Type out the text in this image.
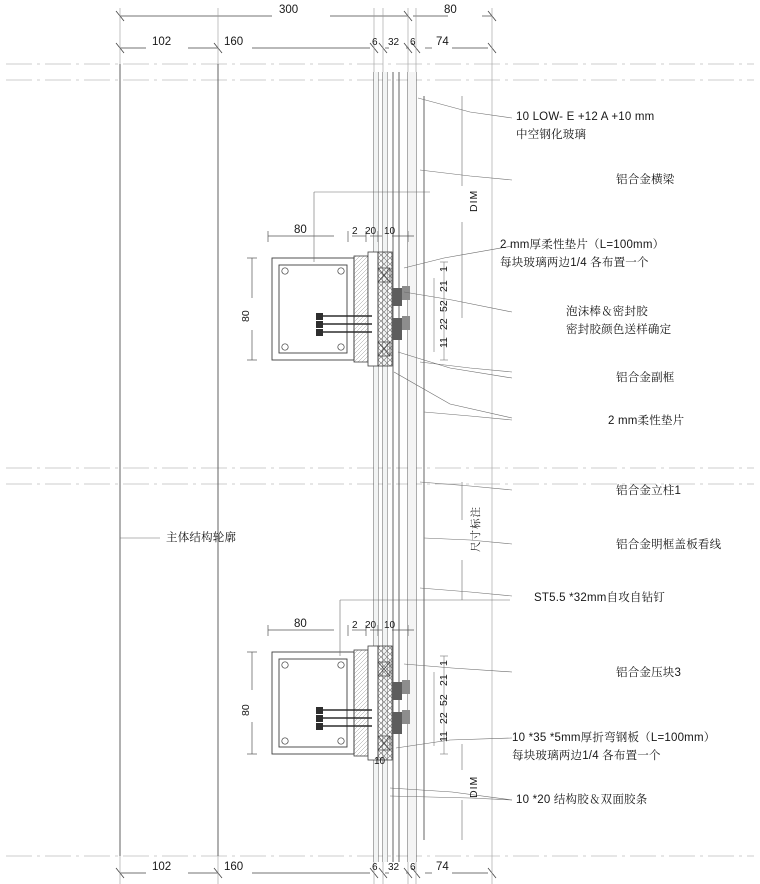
300	80
102	160	6 32 6 74
102	160	6 32 6 74
80	2 20 10
80
11
22
52
21
1
80	2 20 10
80
11
22
52
21
1
10
DIM
DIM
尺寸标注
主体结构轮廓
10 LOW- E +12 A +10 mm
中空钢化玻璃
铝合金横梁
2 mm厚柔性垫片（L=100mm）
每块玻璃两边1/4 各布置一个
泡沫棒＆密封胶
密封胶颜色送样确定
铝合金副框
2 mm柔性垫片
铝合金立柱1
铝合金明框盖板看线
ST5.5 *32mm自攻自钻钉
铝合金压块3
10 *35 *5mm厚折弯钢板（L=100mm）
每块玻璃两边1/4 各布置一个
10 *20 结构胶＆双面胶条
